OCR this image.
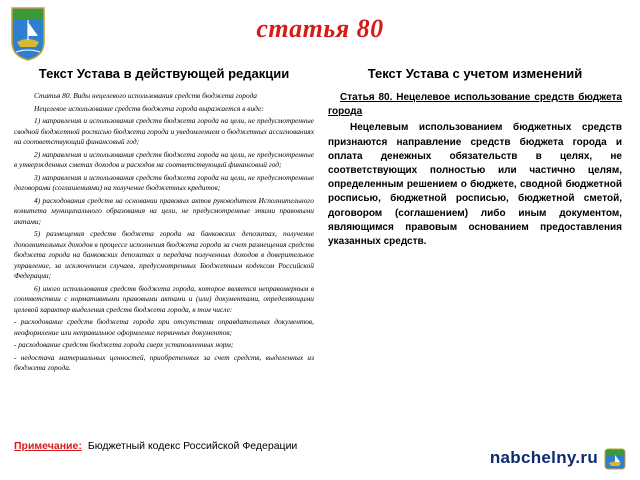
статья 80
Текст Устава в действующей редакции

Статья 80. Виды нецелевого использования средств бюджета города

Нецелевое использование средств бюджета города выражается в виде:

1) направления и использования средств бюджета города на цели, не предусмотренные сводной бюджетной росписью бюджета города и уведомлением о бюджетных ассигнованиях на соответствующий финансовый год;

2) направления и использования средств бюджета города на цели, не предусмотренные в утвержденных сметах доходов и расходов на соответствующий финансовый год;

3) направления и использования средств бюджета города на цели, не предусмотренные договорами (соглашениями) на получение бюджетных кредитов;

4) расходования средств на основании правовых актов руководителя Исполнительного комитета муниципального образования на цели, не предусмотренные этими правовыми актами;

5) размещения средств бюджета города на банковских депозитах, получение дополнительных доходов в процессе исполнения бюджета города за счет размещения средств бюджета города на банковских депозитах и передача полученных доходов в доверительное управление, за исключением случаев, предусмотренных Бюджетным кодексом Российской Федерации;

6) иного использования средств бюджета города, которое является неправомерным в соответствии с нормативными правовыми актами и (или) документами, определяющими целевой характер выделения средств бюджета города, в том числе:

- расходование средств бюджета города при отсутствии оправдательных документов, неоформление или неправильное оформление первичных документов;

- расходование средств бюджета города сверх установленных норм;

- недостача материальных ценностей, приобретенных за счет средств, выделенных из бюджета города.

Текст Устава с учетом изменений

Статья 80. Нецелевое использование средств бюджета города

Нецелевым использованием бюджетных средств признаются направление средств бюджета города и оплата денежных обязательств в целях, не соответствующих полностью или частично целям, определенным решением о бюджете, сводной бюджетной росписью, бюджетной росписью, бюджетной сметой, договором (соглашением) либо иным документом, являющимся правовым основанием предоставления указанных средств.

Примечание: Бюджетный кодекс Российской Федерации
nabchelny.ru
